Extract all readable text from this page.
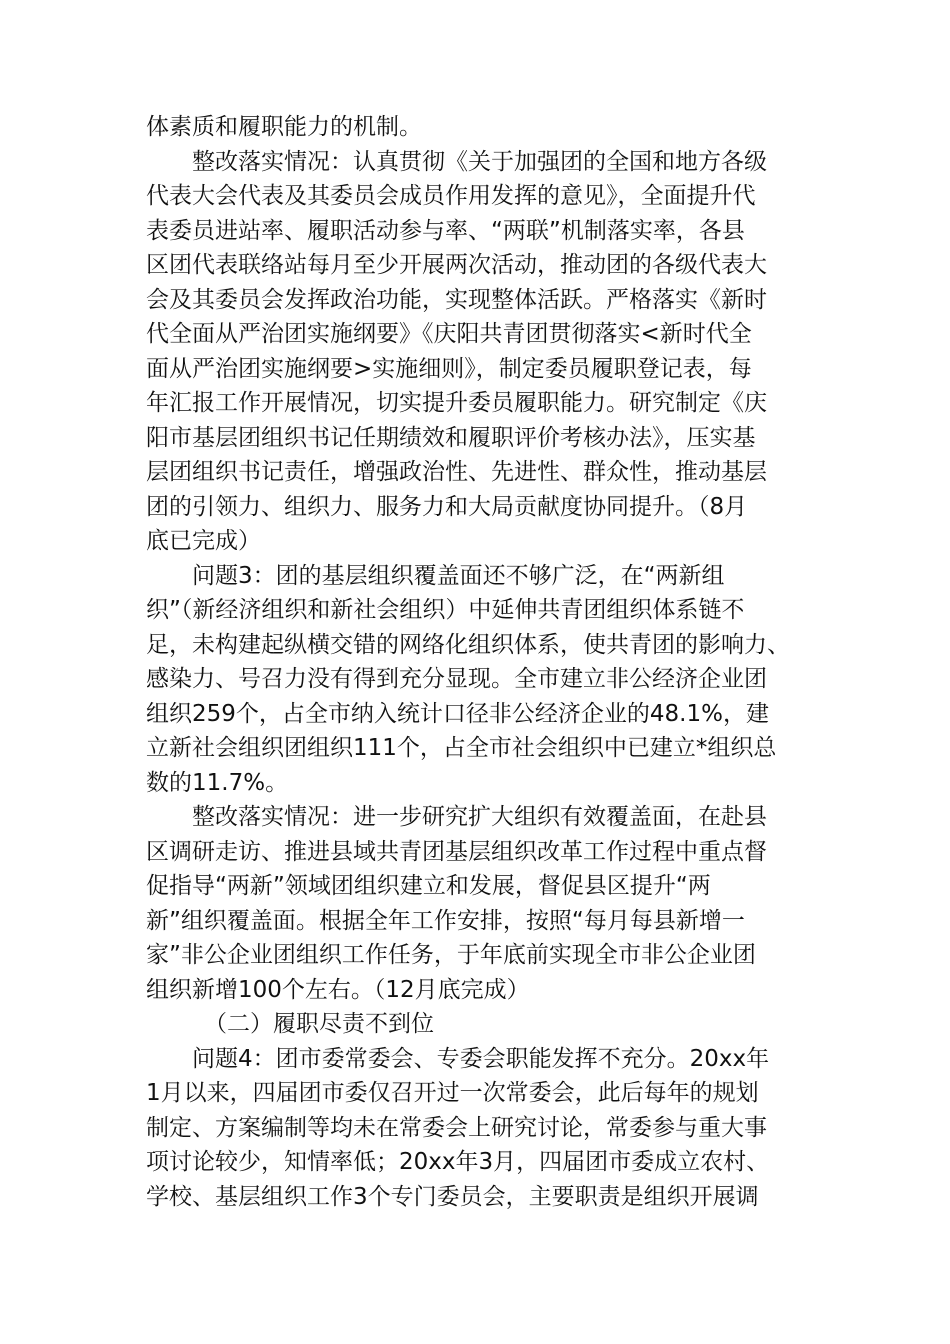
体素质和履职能力的机制。
整改落实情况：认真贯彻《关于加强团的全国和地方各级
代表大会代表及其委员会成员作用发挥的意见》，全面提升代
表委员进站率、履职活动参与率、“两联”机制落实率，各县
区团代表联络站每月至少开展两次活动，推动团的各级代表大
会及其委员会发挥政治功能，实现整体活跃。严格落实《新时
代全面从严治团实施纲要》《庆阳共青团贯彻落实<新时代全
面从严治团实施纲要>实施细则》，制定委员履职登记表，每
年汇报工作开展情况，切实提升委员履职能力。研究制定《庆
阳市基层团组织书记任期绩效和履职评价考核办法》，压实基
层团组织书记责任，增强政治性、先进性、群众性，推动基层
团的引领力、组织力、服务力和大局贡献度协同提升。（8月
底已完成）
问题3：团的基层组织覆盖面还不够广泛，在“两新组
织”（新经济组织和新社会组织）中延伸共青团组织体系链不
足，未构建起纵横交错的网络化组织体系，使共青团的影响力、
感染力、号召力没有得到充分显现。全市建立非公经济企业团
组织259个，占全市纳入统计口径非公经济企业的48.1%，建
立新社会组织团组织111个，占全市社会组织中已建立*组织总
数的11.7%。
整改落实情况：进一步研究扩大组织有效覆盖面，在赴县
区调研走访、推进县域共青团基层组织改革工作过程中重点督
促指导“两新”领域团组织建立和发展，督促县区提升“两
新”组织覆盖面。根据全年工作安排，按照“每月每县新增一
家”非公企业团组织工作任务，于年底前实现全市非公企业团
组织新增100个左右。（12月底完成）
（二）履职尽责不到位
问题4：团市委常委会、专委会职能发挥不充分。20xx年
1月以来，四届团市委仅召开过一次常委会，此后每年的规划
制定、方案编制等均未在常委会上研究讨论，常委参与重大事
项讨论较少，知情率低；20xx年3月，四届团市委成立农村、
学校、基层组织工作3个专门委员会，主要职责是组织开展调
